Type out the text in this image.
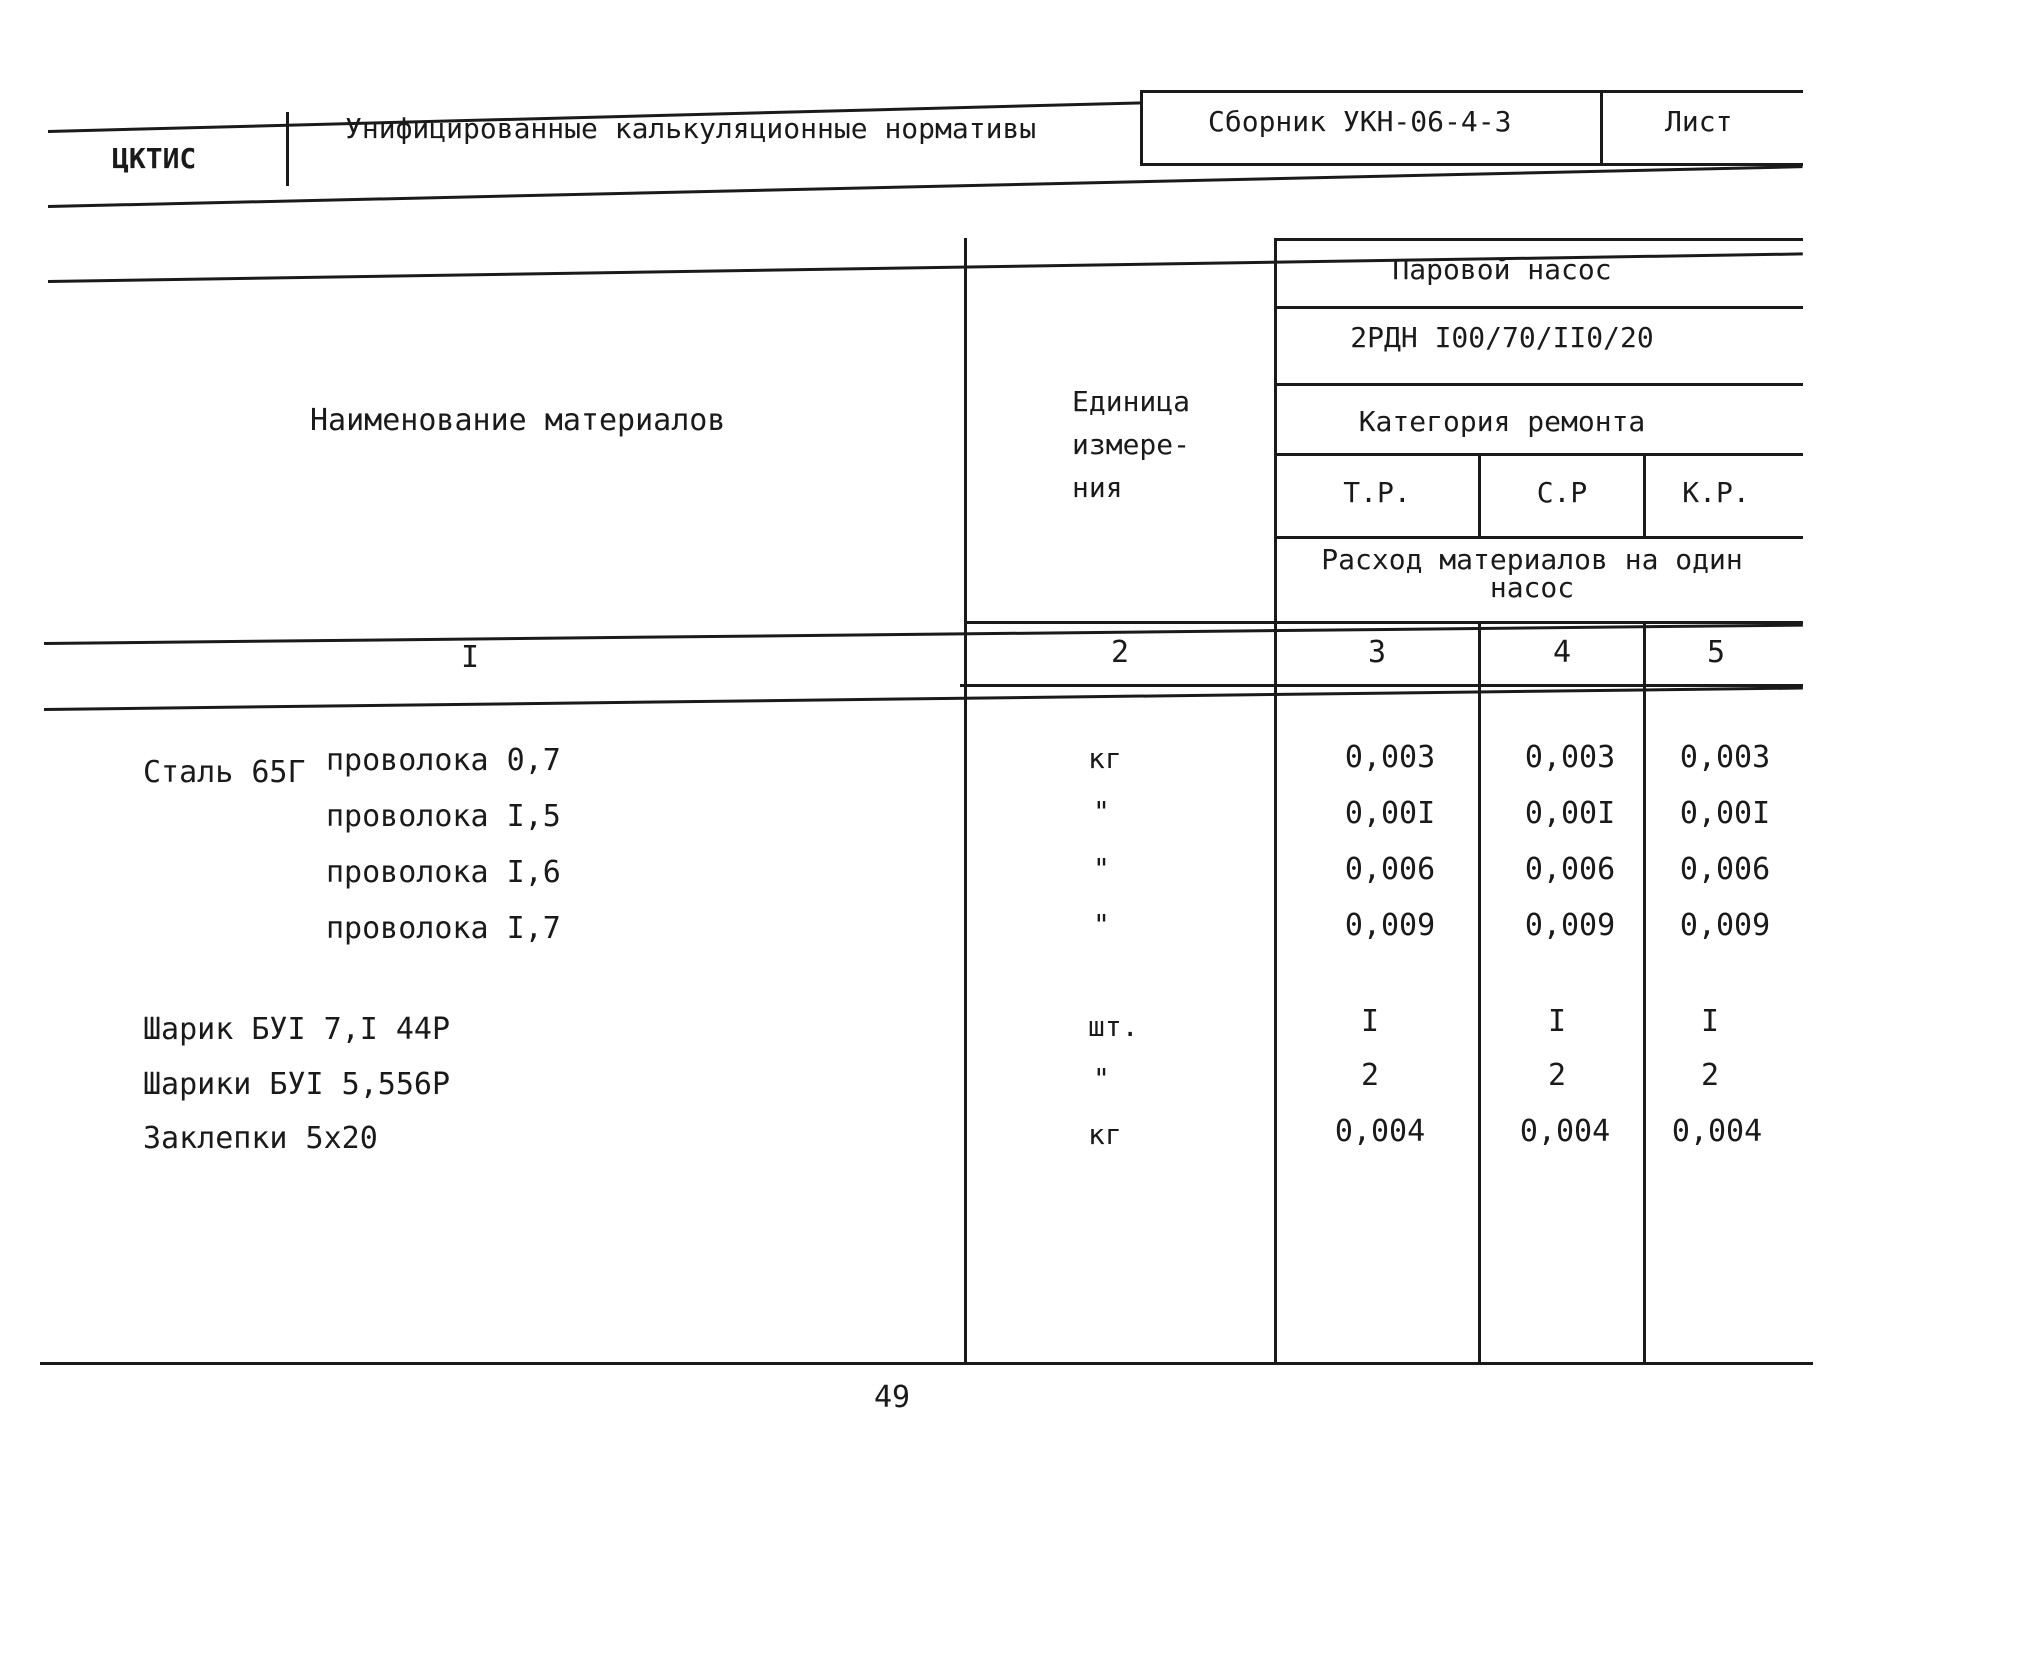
ЦКТИС
Унифицированные калькуляционные нормативы	Сборник УКН-06-4-3	Лист
Наименование материалов
Единица
измере-
ния
Паровой насос
2РДН I00/70/II0/20
Категория ремонта
Т.Р.	С.Р	К.Р.
Расход материалов на один
насос
I	2	3	4	5
Сталь 65Г проволока 0,7	кг	0,003	0,003	0,003
проволока I,5	"	0,00I	0,00I	0,00I
проволока I,6	"	0,006	0,006	0,006
проволока I,7	"	0,009	0,009	0,009
Шарик БУI 7,I 44Р	шт.	I	I	I
Шарики БУI 5,556Р	"	2	2	2
Заклепки 5х20	кг	0,004	0,004	0,004
49
